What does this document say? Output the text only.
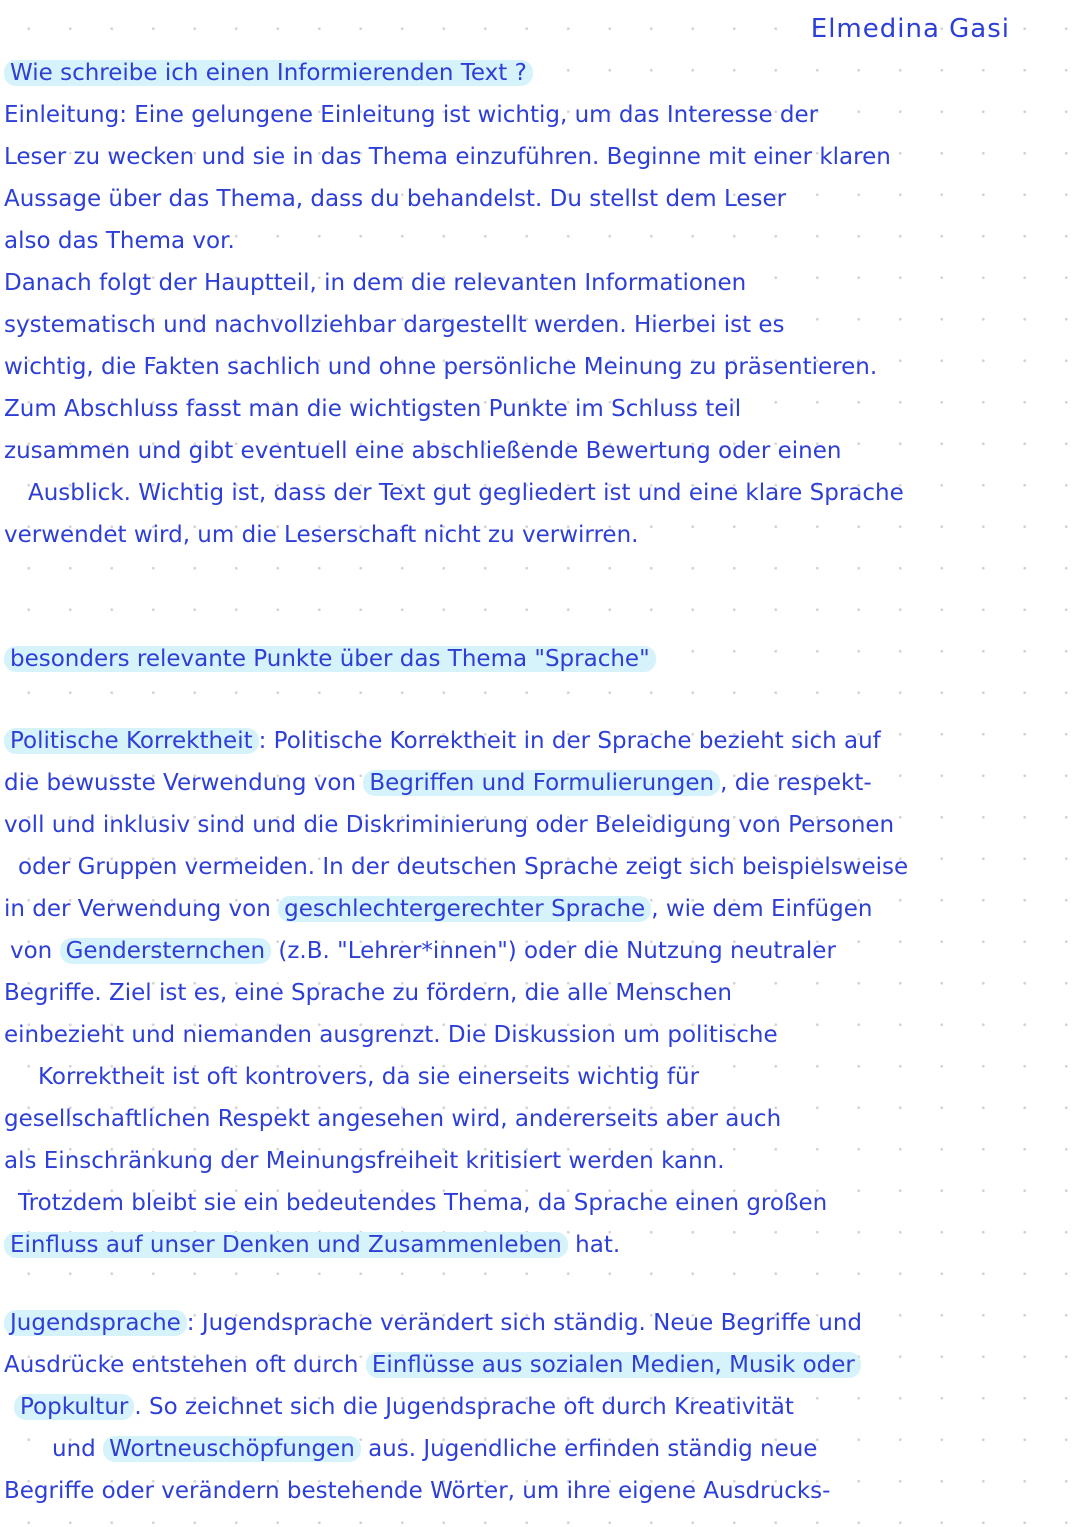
Elmedina Gasi
Wie schreibe ich einen Informierenden Text ?
Einleitung: Eine gelungene Einleitung ist wichtig, um das Interesse der
Leser zu wecken und sie in das Thema einzuführen. Beginne mit einer klaren
Aussage über das Thema, dass du behandelst. Du stellst dem Leser
also das Thema vor.
Danach folgt der Hauptteil, in dem die relevanten Informationen
systematisch und nachvollziehbar dargestellt werden. Hierbei ist es
wichtig, die Fakten sachlich und ohne persönliche Meinung zu präsentieren.
Zum Abschluss fasst man die wichtigsten Punkte im Schluss teil
zusammen und gibt eventuell eine abschließende Bewertung oder einen
Ausblick. Wichtig ist, dass der Text gut gegliedert ist und eine klare Sprache
verwendet wird, um die Leserschaft nicht zu verwirren.
besonders relevante Punkte über das Thema "Sprache"
Politische Korrektheit : Politische Korrektheit in der Sprache bezieht sich auf
die bewusste Verwendung von Begriffen und Formulierungen , die respekt-
voll und inklusiv sind und die Diskriminierung oder Beleidigung von Personen
oder Gruppen vermeiden. In der deutschen Sprache zeigt sich beispielsweise
in der Verwendung von geschlechtergerechter Sprache , wie dem Einfügen
von Gendersternchen (z.B. "Lehrer*innen") oder die Nutzung neutraler
Begriffe. Ziel ist es, eine Sprache zu fördern, die alle Menschen
einbezieht und niemanden ausgrenzt. Die Diskussion um politische
Korrektheit ist oft kontrovers, da sie einerseits wichtig für
gesellschaftlichen Respekt angesehen wird, andererseits aber auch
als Einschränkung der Meinungsfreiheit kritisiert werden kann.
Trotzdem bleibt sie ein bedeutendes Thema, da Sprache einen großen
Einfluss auf unser Denken und Zusammenleben hat.
Jugendsprache : Jugendsprache verändert sich ständig. Neue Begriffe und
Ausdrücke entstehen oft durch Einflüsse aus sozialen Medien, Musik oder
Popkultur . So zeichnet sich die Jugendsprache oft durch Kreativität
und Wortneuschöpfungen aus. Jugendliche erfinden ständig neue
Begriffe oder verändern bestehende Wörter, um ihre eigene Ausdrucks-
